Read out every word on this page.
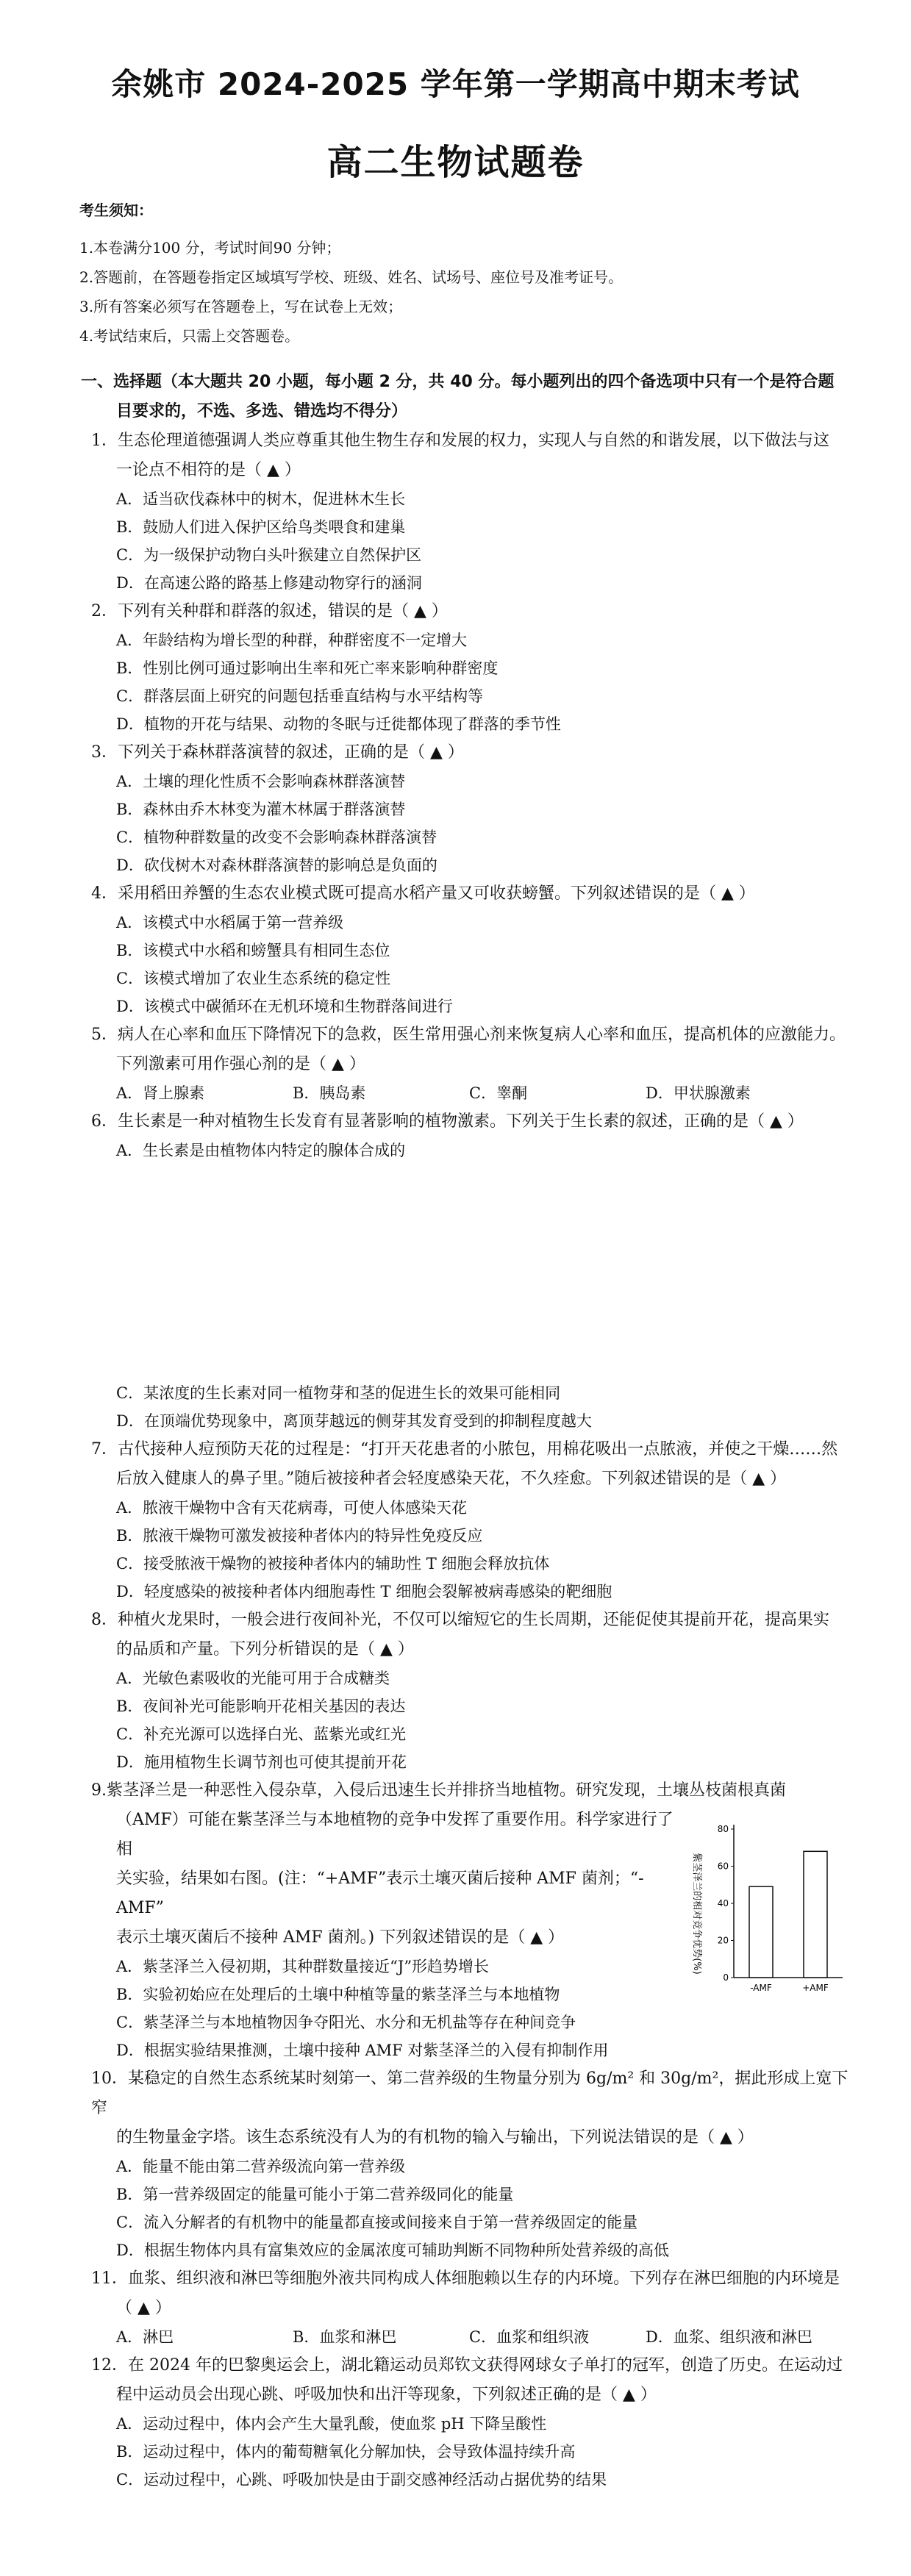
余姚市 2024-2025 学年第一学期高中期末考试
高二生物试题卷
考生须知：
1.本卷满分100 分，考试时间90 分钟；
2.答题前，在答题卷指定区域填写学校、班级、姓名、试场号、座位号及准考证号。
3.所有答案必须写在答题卷上，写在试卷上无效；
4.考试结束后，只需上交答题卷。
一、选择题（本大题共 20 小题，每小题 2 分，共 40 分。每小题列出的四个备选项中只有一个是符合题
目要求的，不选、多选、错选均不得分）
1．生态伦理道德强调人类应尊重其他生物生存和发展的权力，实现人与自然的和谐发展，以下做法与这
一论点不相符的是（ ▲ ）
A．适当砍伐森林中的树木，促进林木生长
B．鼓励人们进入保护区给鸟类喂食和建巢
C．为一级保护动物白头叶猴建立自然保护区
D．在高速公路的路基上修建动物穿行的涵洞
2．下列有关种群和群落的叙述，错误的是（ ▲ ）
A．年龄结构为增长型的种群，种群密度不一定增大
B．性别比例可通过影响出生率和死亡率来影响种群密度
C．群落层面上研究的问题包括垂直结构与水平结构等
D．植物的开花与结果、动物的冬眠与迁徙都体现了群落的季节性
3．下列关于森林群落演替的叙述，正确的是（ ▲ ）
A．土壤的理化性质不会影响森林群落演替
B．森林由乔木林变为灌木林属于群落演替
C．植物种群数量的改变不会影响森林群落演替
D．砍伐树木对森林群落演替的影响总是负面的
4．采用稻田养蟹的生态农业模式既可提高水稻产量又可收获螃蟹。下列叙述错误的是（ ▲ ）
A．该模式中水稻属于第一营养级
B．该模式中水稻和螃蟹具有相同生态位
C．该模式增加了农业生态系统的稳定性
D．该模式中碳循环在无机环境和生物群落间进行
5．病人在心率和血压下降情况下的急救，医生常用强心剂来恢复病人心率和血压，提高机体的应激能力。
下列激素可用作强心剂的是（ ▲ ）
A．肾上腺素	B．胰岛素	C．睾酮	D．甲状腺激素
6．生长素是一种对植物生长发育有显著影响的植物激素。下列关于生长素的叙述，正确的是（ ▲ ）
A．生长素是由植物体内特定的腺体合成的
C．某浓度的生长素对同一植物芽和茎的促进生长的效果可能相同
D．在顶端优势现象中，离顶芽越远的侧芽其发育受到的抑制程度越大
7．古代接种人痘预防天花的过程是：“打开天花患者的小脓包，用棉花吸出一点脓液，并使之干燥……然
后放入健康人的鼻子里。”随后被接种者会轻度感染天花，不久痊愈。下列叙述错误的是（ ▲ ）
A．脓液干燥物中含有天花病毒，可使人体感染天花
B．脓液干燥物可激发被接种者体内的特异性免疫反应
C．接受脓液干燥物的被接种者体内的辅助性 T 细胞会释放抗体
D．轻度感染的被接种者体内细胞毒性 T 细胞会裂解被病毒感染的靶细胞
8．种植火龙果时，一般会进行夜间补光，不仅可以缩短它的生长周期，还能促使其提前开花，提高果实
的品质和产量。下列分析错误的是（ ▲ ）
A．光敏色素吸收的光能可用于合成糖类
B．夜间补光可能影响开花相关基因的表达
C．补充光源可以选择白光、蓝紫光或红光
D．施用植物生长调节剂也可使其提前开花
9.紫茎泽兰是一种恶性入侵杂草，入侵后迅速生长并排挤当地植物。研究发现，土壤丛枝菌根真菌
（AMF）可能在紫茎泽兰与本地植物的竞争中发挥了重要作用。科学家进行了相
关实验，结果如右图。(注：“+AMF”表示土壤灭菌后接种 AMF 菌剂；“-AMF”
表示土壤灭菌后不接种 AMF 菌剂。) 下列叙述错误的是（ ▲ ）
A．紫茎泽兰入侵初期，其种群数量接近“J”形趋势增长
B．实验初始应在处理后的土壤中种植等量的紫茎泽兰与本地植物
C．紫茎泽兰与本地植物因争夺阳光、水分和无机盐等存在种间竞争
D．根据实验结果推测，土壤中接种 AMF 对紫茎泽兰的入侵有抑制作用
紫茎泽兰的相对竞争优势(%)
0
20
40
60
80
-AMF	+AMF
10．某稳定的自然生态系统某时刻第一、第二营养级的生物量分别为 6g/m² 和 30g/m²，据此形成上宽下窄
的生物量金字塔。该生态系统没有人为的有机物的输入与输出，下列说法错误的是（ ▲ ）
A．能量不能由第二营养级流向第一营养级
B．第一营养级固定的能量可能小于第二营养级同化的能量
C．流入分解者的有机物中的能量都直接或间接来自于第一营养级固定的能量
D．根据生物体内具有富集效应的金属浓度可辅助判断不同物种所处营养级的高低
11．血浆、组织液和淋巴等细胞外液共同构成人体细胞赖以生存的内环境。下列存在淋巴细胞的内环境是
（ ▲ ）
A．淋巴	B．血浆和淋巴	C．血浆和组织液	D．血浆、组织液和淋巴
12．在 2024 年的巴黎奥运会上，湖北籍运动员郑钦文获得网球女子单打的冠军，创造了历史。在运动过
程中运动员会出现心跳、呼吸加快和出汗等现象，下列叙述正确的是（ ▲ ）
A．运动过程中，体内会产生大量乳酸，使血浆 pH 下降呈酸性
B．运动过程中，体内的葡萄糖氧化分解加快，会导致体温持续升高
C．运动过程中，心跳、呼吸加快是由于副交感神经活动占据优势的结果
